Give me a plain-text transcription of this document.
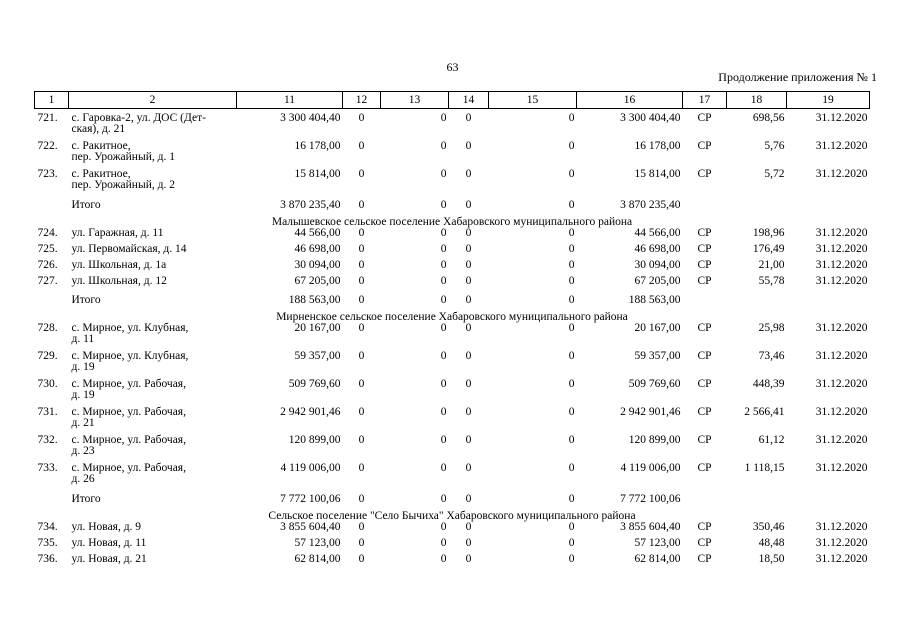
63
Продолжение приложения № 1
1	2	11	12	13	14	15	16	17	18	19
721.	с. Гаровка-2, ул. ДОС (Дет-
ская), д. 21	3 300 404,40	0	0	0	0	3 300 404,40	СР	698,56	31.12.2020
722.	с. Ракитное,
пер. Урожайный, д. 1	16 178,00	0	0	0	0	16 178,00	СР	5,76	31.12.2020
723.	с. Ракитное,
пер. Урожайный, д. 2	15 814,00	0	0	0	0	15 814,00	СР	5,72	31.12.2020
	Итого	3 870 235,40	0	0	0	0	3 870 235,40			
Малышевское сельское поселение Хабаровского муниципального района										
724.	ул. Гаражная, д. 11	44 566,00	0	0	0	0	44 566,00	СР	198,96	31.12.2020
725.	ул. Первомайская, д. 14	46 698,00	0	0	0	0	46 698,00	СР	176,49	31.12.2020
726.	ул. Школьная, д. 1а	30 094,00	0	0	0	0	30 094,00	СР	21,00	31.12.2020
727.	ул. Школьная, д. 12	67 205,00	0	0	0	0	67 205,00	СР	55,78	31.12.2020
	Итого	188 563,00	0	0	0	0	188 563,00			
Мирненское сельское поселение Хабаровского муниципального района										
728.	с. Мирное, ул. Клубная,
д. 11	20 167,00	0	0	0	0	20 167,00	СР	25,98	31.12.2020
729.	с. Мирное, ул. Клубная,
д. 19	59 357,00	0	0	0	0	59 357,00	СР	73,46	31.12.2020
730.	с. Мирное, ул. Рабочая,
д. 19	509 769,60	0	0	0	0	509 769,60	СР	448,39	31.12.2020
731.	с. Мирное, ул. Рабочая,
д. 21	2 942 901,46	0	0	0	0	2 942 901,46	СР	2 566,41	31.12.2020
732.	с. Мирное, ул. Рабочая,
д. 23	120 899,00	0	0	0	0	120 899,00	СР	61,12	31.12.2020
733.	с. Мирное, ул. Рабочая,
д. 26	4 119 006,00	0	0	0	0	4 119 006,00	СР	1 118,15	31.12.2020
	Итого	7 772 100,06	0	0	0	0	7 772 100,06			
Сельское поселение "Село Бычиха" Хабаровского муниципального района										
734.	ул. Новая, д. 9	3 855 604,40	0	0	0	0	3 855 604,40	СР	350,46	31.12.2020
735.	ул. Новая, д. 11	57 123,00	0	0	0	0	57 123,00	СР	48,48	31.12.2020
736.	ул. Новая, д. 21	62 814,00	0	0	0	0	62 814,00	СР	18,50	31.12.2020
